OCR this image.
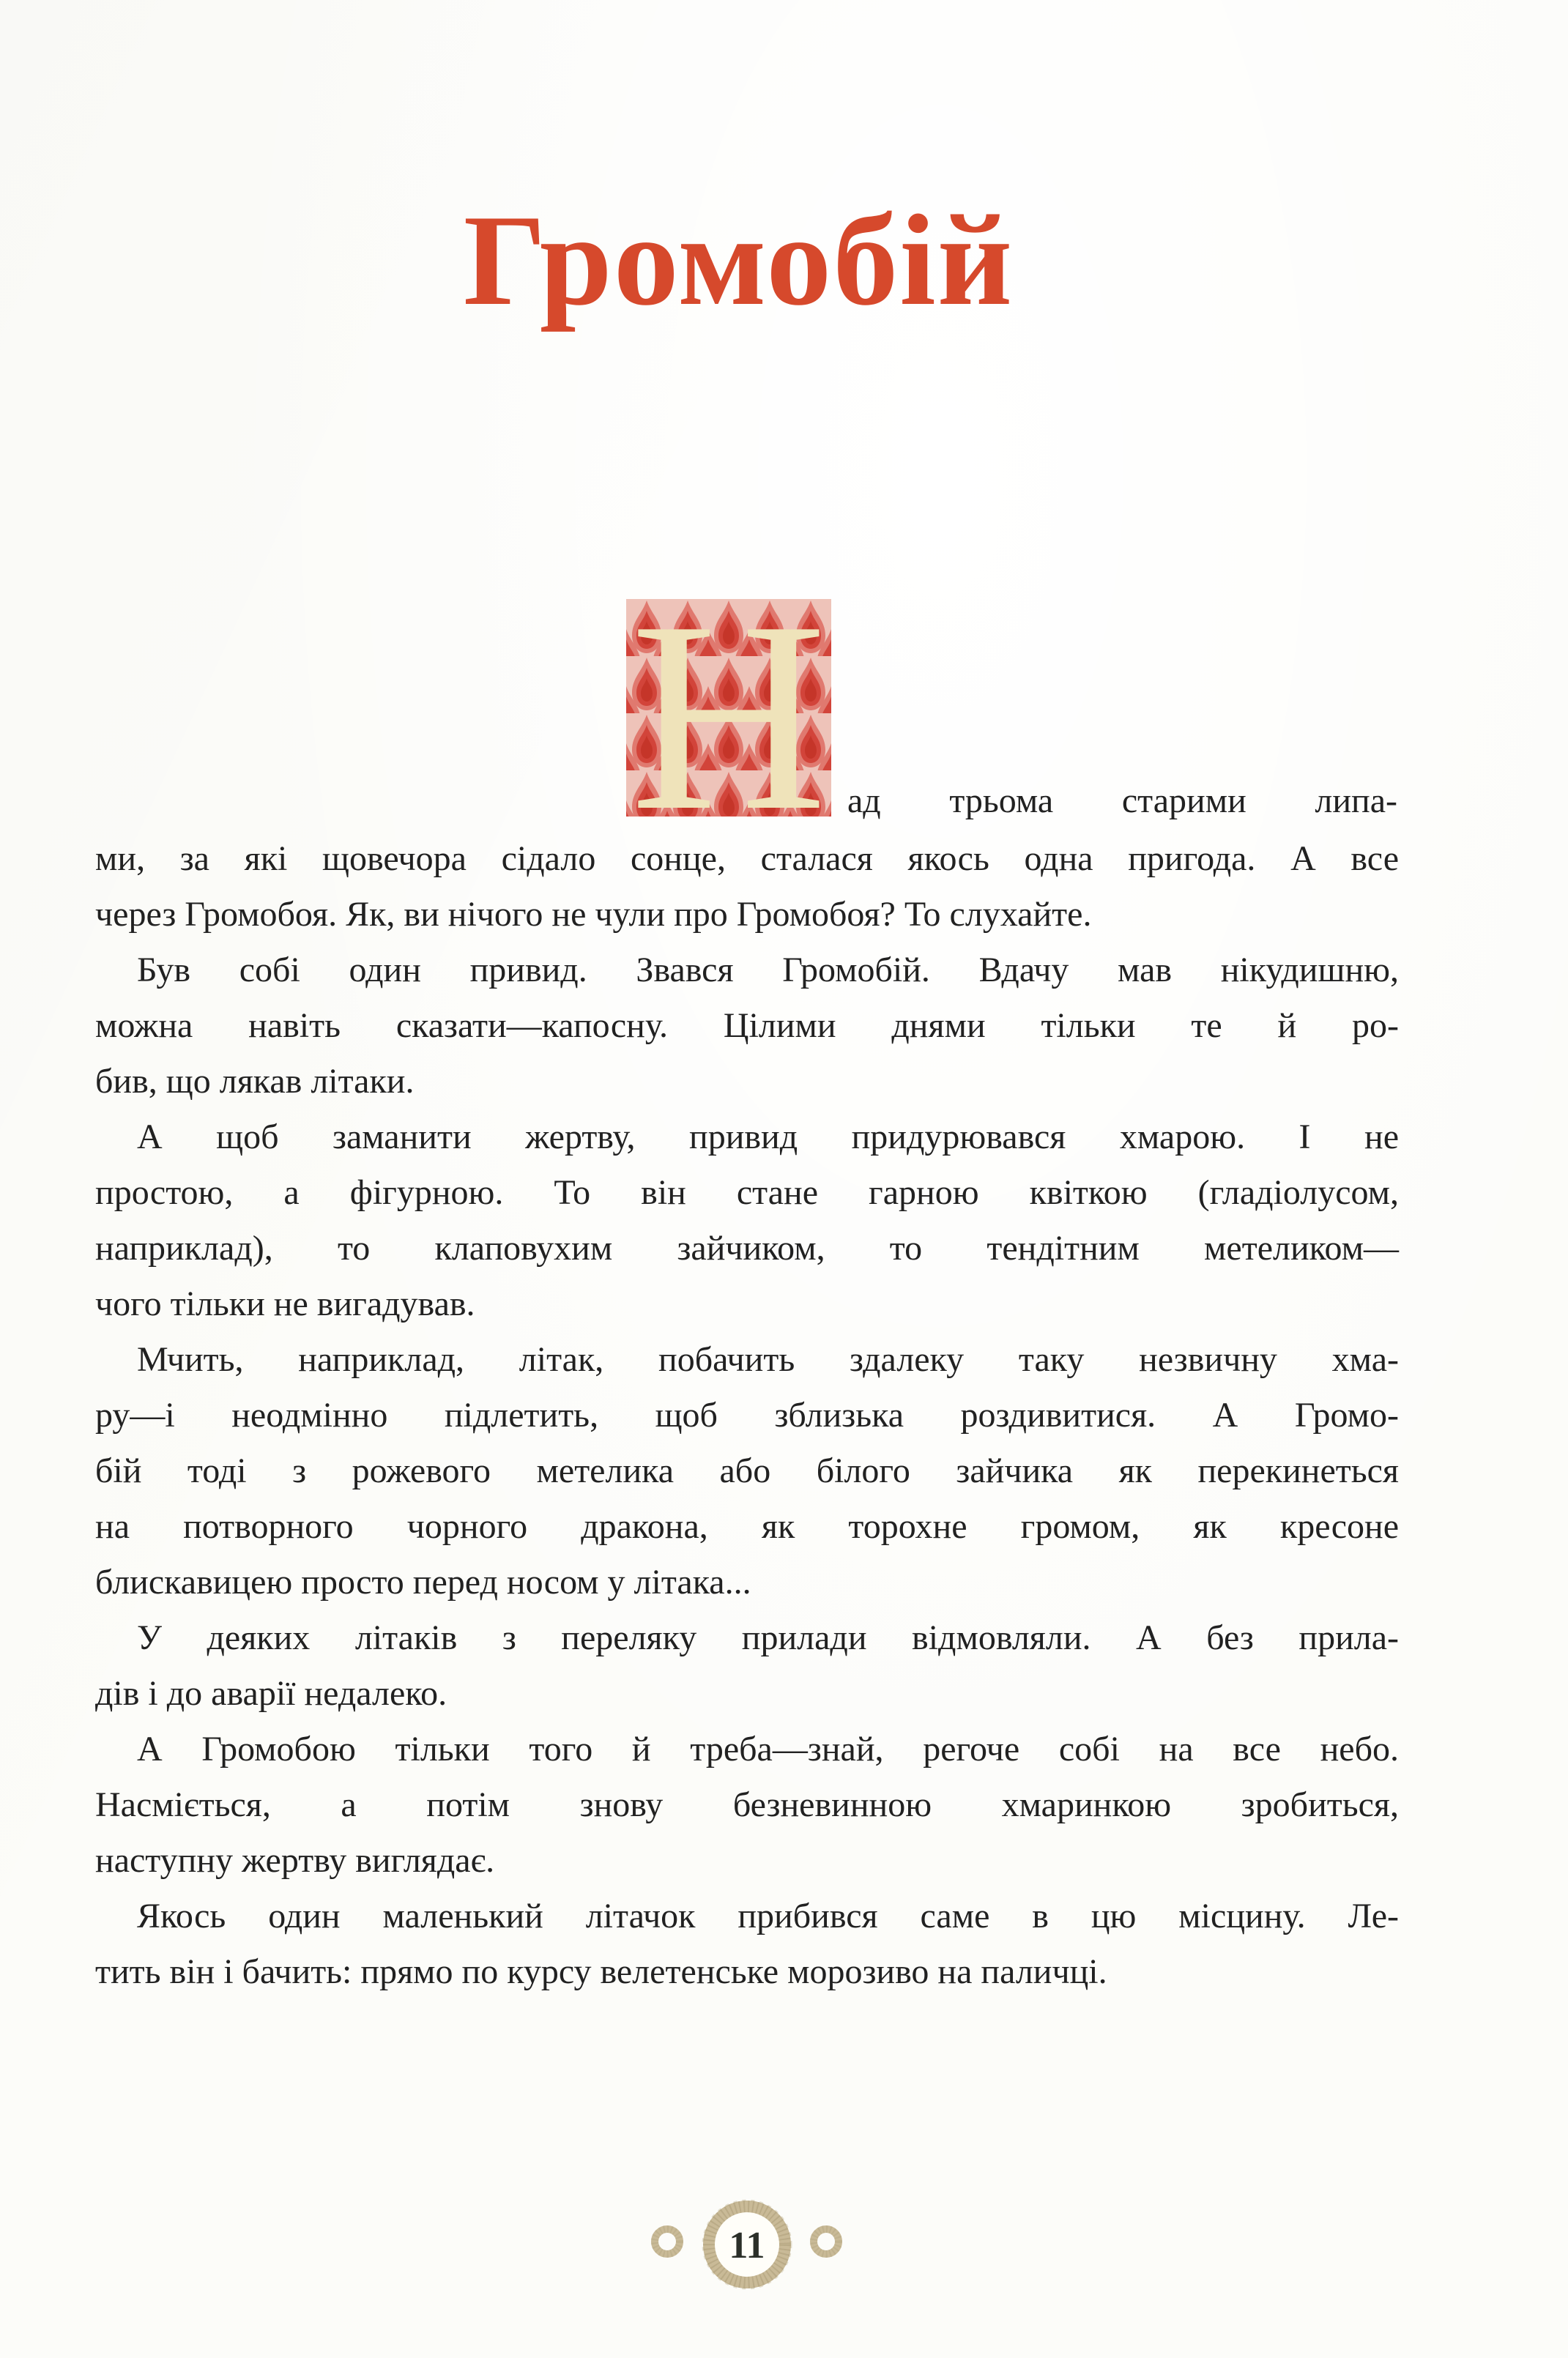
Громобій
Н ад трьома старими липа-
ми, за які щовечора сідало сонце, сталася якось одна пригода. А все
через Громобоя. Як, ви нічого не чули про Громобоя? То слухайте.
Був собі один привид. Звався Громобій. Вдачу мав нікудишню,
можна навіть сказати—капосну. Цілими днями тільки те й ро-
бив, що лякав літаки.
А щоб заманити жертву, привид придурювався хмарою. І не
простою, а фігурною. То він стане гарною квіткою (гладіолусом,
наприклад), то клаповухим зайчиком, то тендітним метеликом—
чого тільки не вигадував.
Мчить, наприклад, літак, побачить здалеку таку незвичну хма-
ру—і неодмінно підлетить, щоб зблизька роздивитися. А Громо-
бій тоді з рожевого метелика або білого зайчика як перекинеться
на потворного чорного дракона, як торохне громом, як кресоне
блискавицею просто перед носом у літака...
У деяких літаків з переляку прилади відмовляли. А без прила-
дів і до аварії недалеко.
А Громобою тільки того й треба—знай, регоче собі на все небо.
Насміється, а потім знову безневинною хмаринкою зробиться,
наступну жертву виглядає.
Якось один маленький літачок прибився саме в цю місцину. Ле-
тить він і бачить: прямо по курсу велетенське морозиво на паличці.
11
